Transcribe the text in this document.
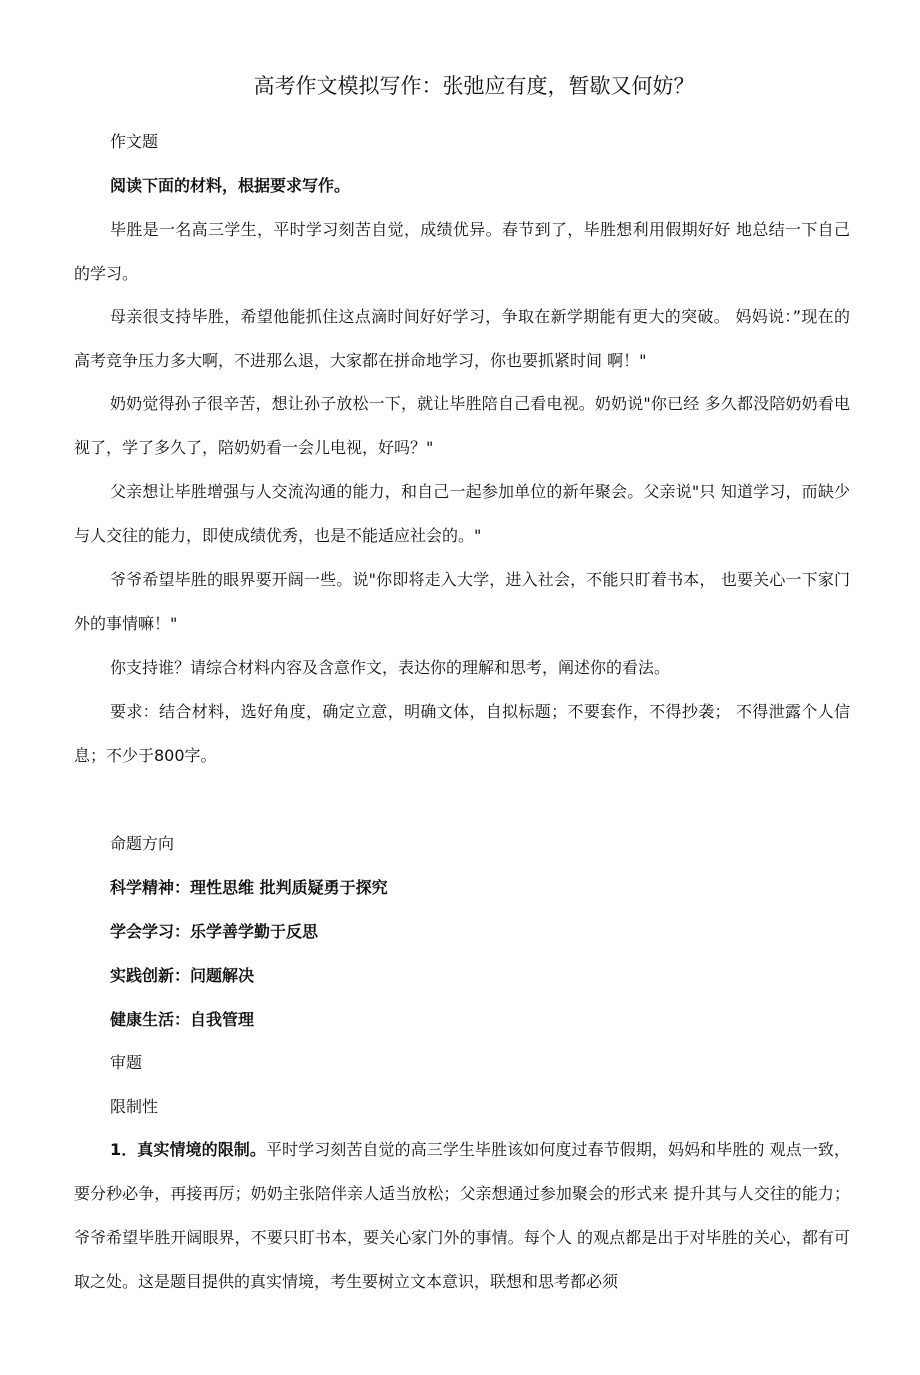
高考作文模拟写作：张弛应有度，暂歇又何妨？

作文题

阅读下面的材料，根据要求写作。

毕胜是一名高三学生，平时学习刻苦自觉，成绩优异。春节到了，毕胜想利用假期好好 地总结一下自己的学习。

母亲很支持毕胜，希望他能抓住这点滴时间好好学习，争取在新学期能有更大的突破。 妈妈说：”现在的高考竞争压力多大啊，不进那么退，大家都在拼命地学习，你也要抓紧时间 啊！"

奶奶觉得孙子很辛苦，想让孙子放松一下，就让毕胜陪自己看电视。奶奶说"你已经 多久都没陪奶奶看电视了，学了多久了，陪奶奶看一会儿电视，好吗？"

父亲想让毕胜增强与人交流沟通的能力，和自己一起参加单位的新年聚会。父亲说"只 知道学习，而缺少与人交往的能力，即使成绩优秀，也是不能适应社会的。"

爷爷希望毕胜的眼界要开阔一些。说"你即将走入大学，进入社会，不能只盯着书本， 也要关心一下家门外的事情嘛！"

你支持谁？请综合材料内容及含意作文，表达你的理解和思考，阐述你的看法。

要求：结合材料，选好角度，确定立意，明确文体，自拟标题；不要套作，不得抄袭； 不得泄露个人信息；不少于800字。

命题方向

科学精神：理性思维 批判质疑勇于探究

学会学习：乐学善学勤于反思

实践创新：问题解决

健康生活：自我管理

审题

限制性

1．真实情境的限制。平时学习刻苦自觉的高三学生毕胜该如何度过春节假期，妈妈和毕胜的 观点一致，要分秒必争，再接再厉；奶奶主张陪伴亲人适当放松；父亲想通过参加聚会的形式来 提升其与人交往的能力；爷爷希望毕胜开阔眼界，不要只盯书本，要关心家门外的事情。每个人 的观点都是出于对毕胜的关心，都有可取之处。这是题目提供的真实情境，考生要树立文本意识，联想和思考都必须
